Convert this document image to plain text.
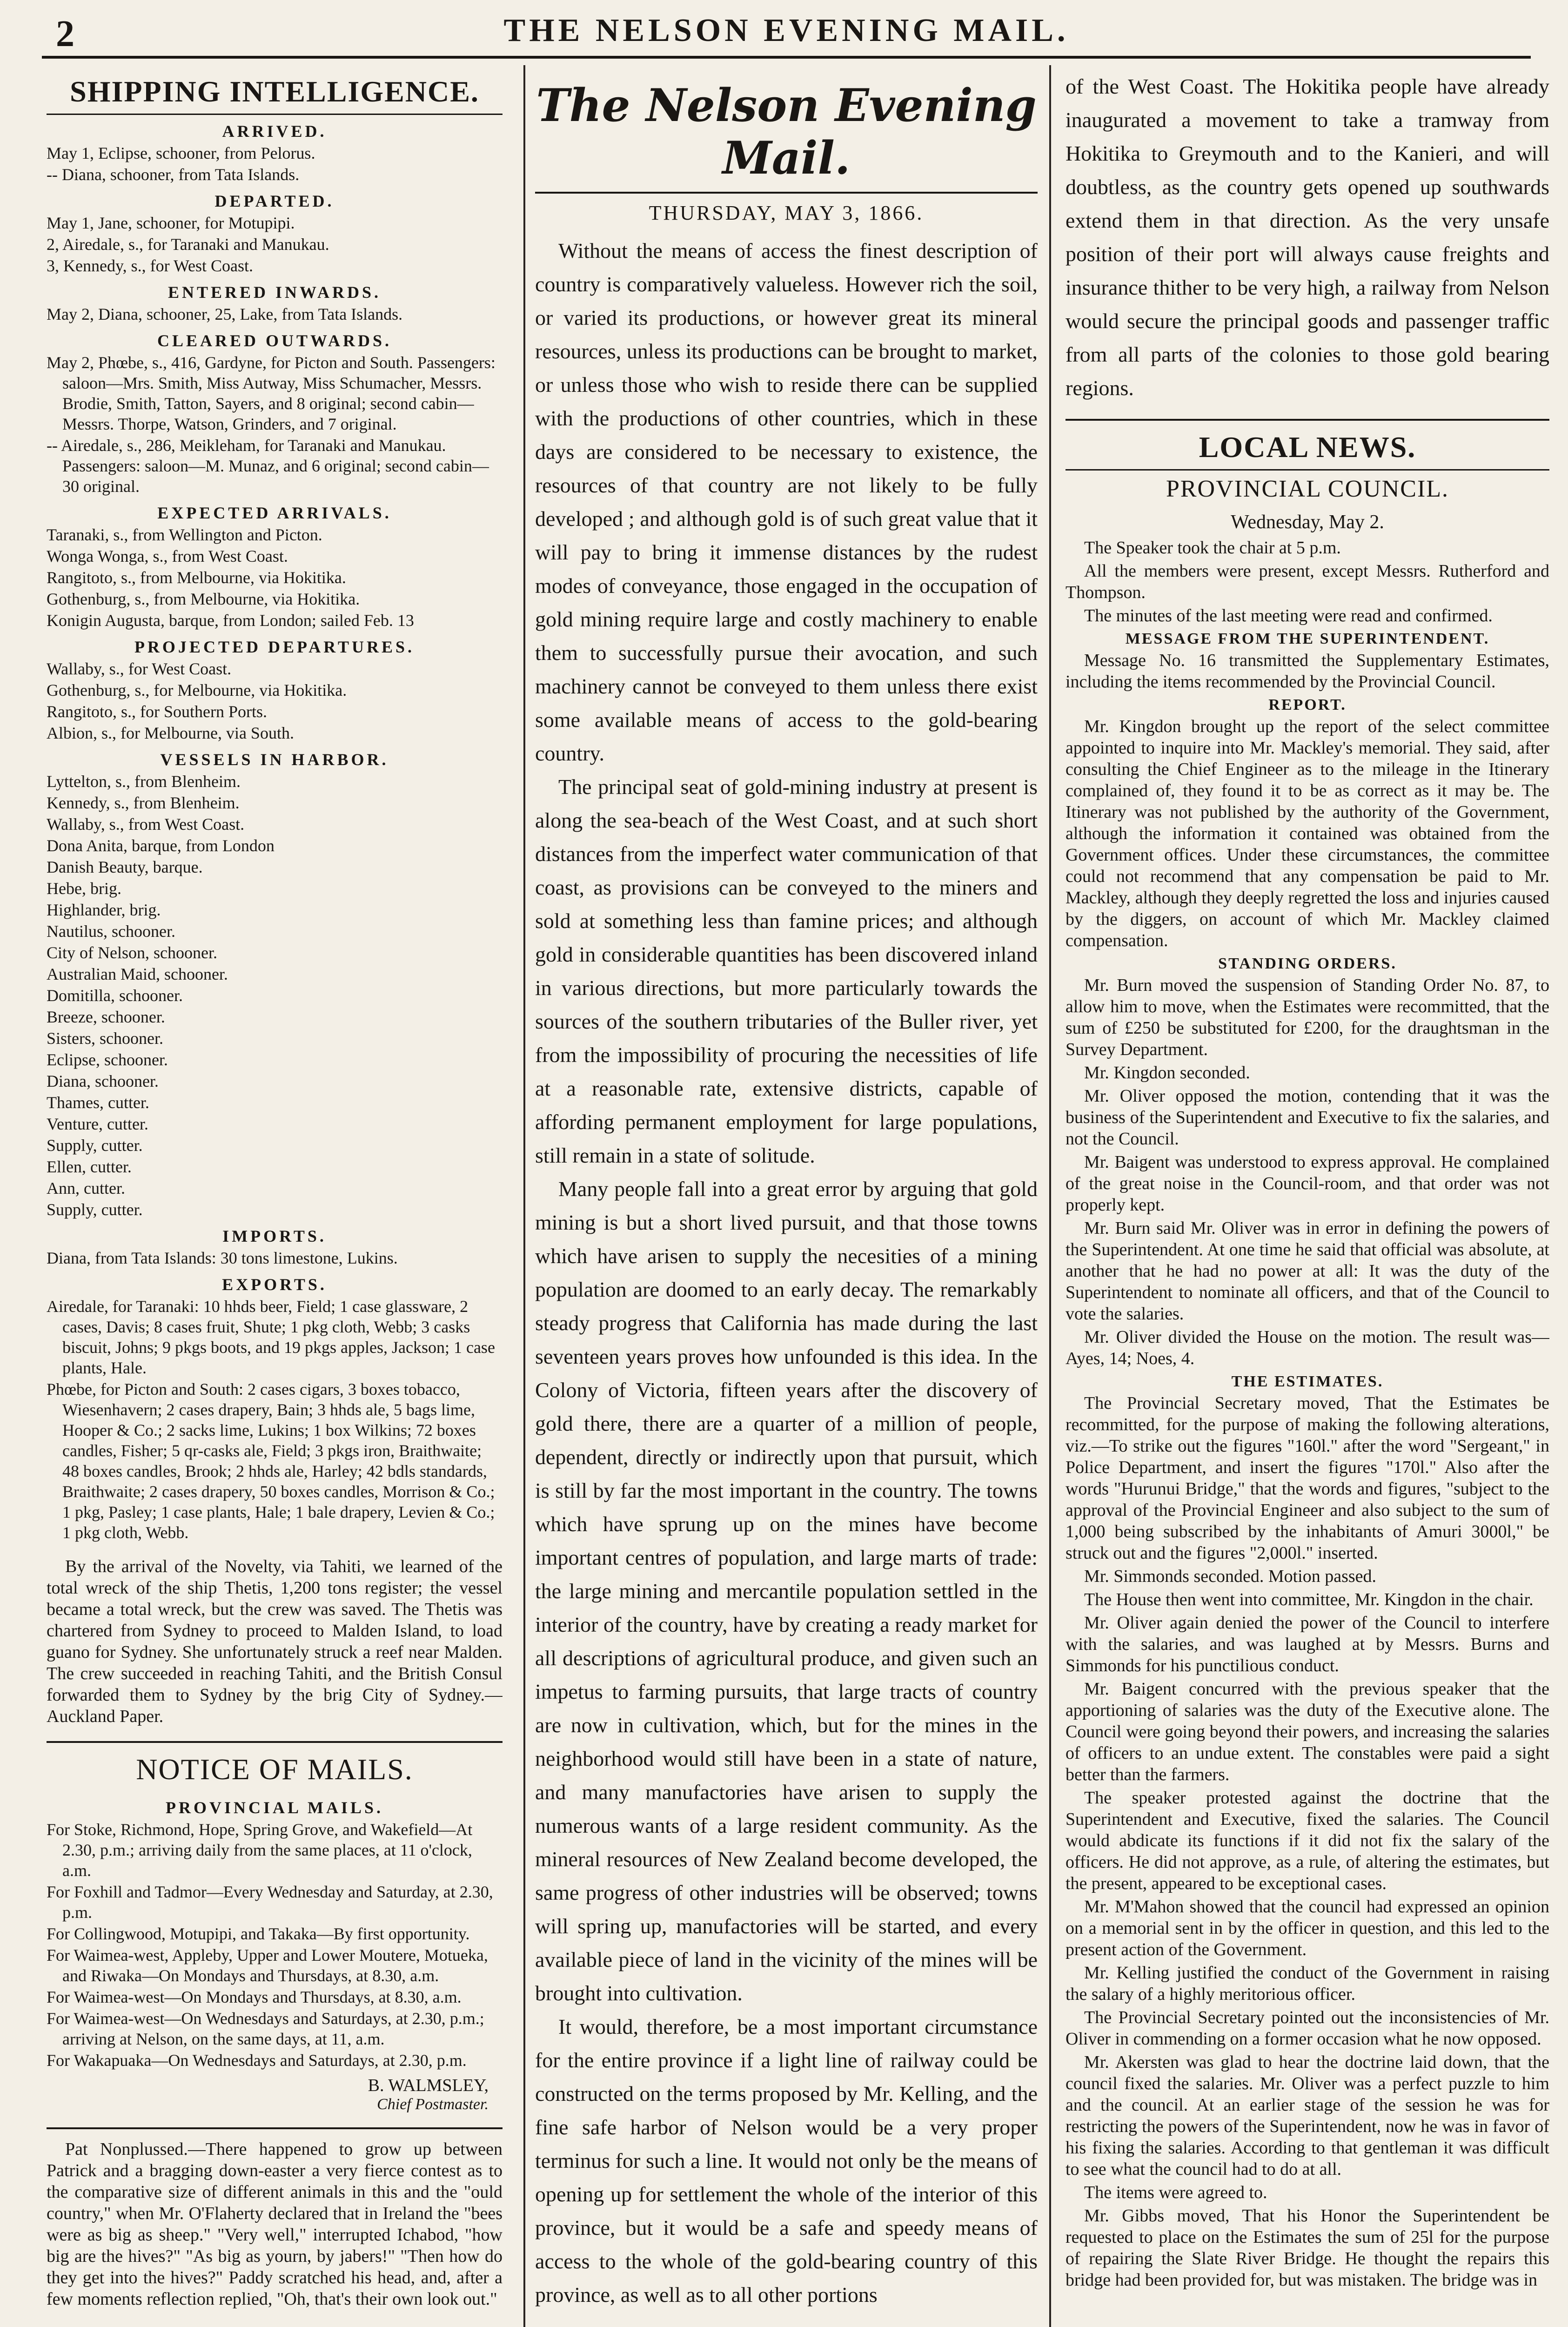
2	THE NELSON EVENING MAIL.
SHIPPING INTELLIGENCE.
ARRIVED.

May 1, Eclipse, schooner, from Pelorus.

-- Diana, schooner, from Tata Islands.

DEPARTED.

May 1, Jane, schooner, for Motupipi.

2, Airedale, s., for Taranaki and Manukau.

3, Kennedy, s., for West Coast.

ENTERED INWARDS.

May 2, Diana, schooner, 25, Lake, from Tata Islands.

CLEARED OUTWARDS.

May 2, Phœbe, s., 416, Gardyne, for Picton and South. Passengers: saloon—Mrs. Smith, Miss Autway, Miss Schumacher, Messrs. Brodie, Smith, Tatton, Sayers, and 8 original; second cabin—Messrs. Thorpe, Watson, Grinders, and 7 original.

-- Airedale, s., 286, Meikleham, for Taranaki and Manukau. Passengers: saloon—M. Munaz, and 6 original; second cabin—30 original.

EXPECTED ARRIVALS.

Taranaki, s., from Wellington and Picton.

Wonga Wonga, s., from West Coast.

Rangitoto, s., from Melbourne, via Hokitika.

Gothenburg, s., from Melbourne, via Hokitika.

Konigin Augusta, barque, from London; sailed Feb. 13

PROJECTED DEPARTURES.

Wallaby, s., for West Coast.

Gothenburg, s., for Melbourne, via Hokitika.

Rangitoto, s., for Southern Ports.

Albion, s., for Melbourne, via South.

VESSELS IN HARBOR.

Lyttelton, s., from Blenheim.

Kennedy, s., from Blenheim.

Wallaby, s., from West Coast.

Dona Anita, barque, from London

Danish Beauty, barque.

Hebe, brig.

Highlander, brig.

Nautilus, schooner.

City of Nelson, schooner.

Australian Maid, schooner.

Domitilla, schooner.

Breeze, schooner.

Sisters, schooner.

Eclipse, schooner.

Diana, schooner.

Thames, cutter.

Venture, cutter.

Supply, cutter.

Ellen, cutter.

Ann, cutter.

Supply, cutter.

IMPORTS.

Diana, from Tata Islands: 30 tons limestone, Lukins.

EXPORTS.

Airedale, for Taranaki: 10 hhds beer, Field; 1 case glassware, 2 cases, Davis; 8 cases fruit, Shute; 1 pkg cloth, Webb; 3 casks biscuit, Johns; 9 pkgs boots, and 19 pkgs apples, Jackson; 1 case plants, Hale.

Phœbe, for Picton and South: 2 cases cigars, 3 boxes tobacco, Wiesenhavern; 2 cases drapery, Bain; 3 hhds ale, 5 bags lime, Hooper & Co.; 2 sacks lime, Lukins; 1 box Wilkins; 72 boxes candles, Fisher; 5 qr-casks ale, Field; 3 pkgs iron, Braithwaite; 48 boxes candles, Brook; 2 hhds ale, Harley; 42 bdls standards, Braithwaite; 2 cases drapery, 50 boxes candles, Morrison & Co.; 1 pkg, Pasley; 1 case plants, Hale; 1 bale drapery, Levien & Co.; 1 pkg cloth, Webb.

By the arrival of the Novelty, via Tahiti, we learned of the total wreck of the ship Thetis, 1,200 tons register; the vessel became a total wreck, but the crew was saved. The Thetis was chartered from Sydney to proceed to Malden Island, to load guano for Sydney. She unfortunately struck a reef near Malden. The crew succeeded in reaching Tahiti, and the British Consul forwarded them to Sydney by the brig City of Sydney.—Auckland Paper.

NOTICE OF MAILS.
PROVINCIAL MAILS.

For Stoke, Richmond, Hope, Spring Grove, and Wakefield—At 2.30, p.m.; arriving daily from the same places, at 11 o'clock, a.m.

For Foxhill and Tadmor—Every Wednesday and Saturday, at 2.30, p.m.

For Collingwood, Motupipi, and Takaka—By first opportunity.

For Waimea-west, Appleby, Upper and Lower Moutere, Motueka, and Riwaka—On Mondays and Thursdays, at 8.30, a.m.

For Waimea-west—On Mondays and Thursdays, at 8.30, a.m.

For Waimea-west—On Wednesdays and Saturdays, at 2.30, p.m.; arriving at Nelson, on the same days, at 11, a.m.

For Wakapuaka—On Wednesdays and Saturdays, at 2.30, p.m.

B. WALMSLEY,
Chief Postmaster.

Pat Nonplussed.—There happened to grow up between Patrick and a bragging down-easter a very fierce contest as to the comparative size of different animals in this and the "ould country," when Mr. O'Flaherty declared that in Ireland the "bees were as big as sheep." "Very well," interrupted Ichabod, "how big are the hives?" "As big as yourn, by jabers!" "Then how do they get into the hives?" Paddy scratched his head, and, after a few moments reflection replied, "Oh, that's their own look out."

The Nelson Evening Mail.
THURSDAY, MAY 3, 1866.

Without the means of access the finest description of country is comparatively valueless. However rich the soil, or varied its productions, or however great its mineral resources, unless its productions can be brought to market, or unless those who wish to reside there can be supplied with the productions of other countries, which in these days are considered to be necessary to existence, the resources of that country are not likely to be fully developed ; and although gold is of such great value that it will pay to bring it immense distances by the rudest modes of conveyance, those engaged in the occupation of gold mining require large and costly machinery to enable them to successfully pursue their avocation, and such machinery cannot be conveyed to them unless there exist some available means of access to the gold-bearing country.

The principal seat of gold-mining industry at present is along the sea-beach of the West Coast, and at such short distances from the imperfect water communication of that coast, as provisions can be conveyed to the miners and sold at something less than famine prices; and although gold in considerable quantities has been discovered inland in various directions, but more particularly towards the sources of the southern tributaries of the Buller river, yet from the impossibility of procuring the necessities of life at a reasonable rate, extensive districts, capable of affording permanent employment for large populations, still remain in a state of solitude.

Many people fall into a great error by arguing that gold mining is but a short lived pursuit, and that those towns which have arisen to supply the necesities of a mining population are doomed to an early decay. The remarkably steady progress that California has made during the last seventeen years proves how unfounded is this idea. In the Colony of Victoria, fifteen years after the discovery of gold there, there are a quarter of a million of people, dependent, directly or indirectly upon that pursuit, which is still by far the most important in the country. The towns which have sprung up on the mines have become important centres of population, and large marts of trade: the large mining and mercantile population settled in the interior of the country, have by creating a ready market for all descriptions of agricultural produce, and given such an impetus to farming pursuits, that large tracts of country are now in cultivation, which, but for the mines in the neighborhood would still have been in a state of nature, and many manufactories have arisen to supply the numerous wants of a large resident community. As the mineral resources of New Zealand become developed, the same progress of other industries will be observed; towns will spring up, manufactories will be started, and every available piece of land in the vicinity of the mines will be brought into cultivation.

It would, therefore, be a most important circumstance for the entire province if a light line of railway could be constructed on the terms proposed by Mr. Kelling, and the fine safe harbor of Nelson would be a very proper terminus for such a line. It would not only be the means of opening up for settlement the whole of the interior of this province, but it would be a safe and speedy means of access to the whole of the gold-bearing country of this province, as well as to all other portions

of the West Coast. The Hokitika people have already inaugurated a movement to take a tramway from Hokitika to Greymouth and to the Kanieri, and will doubtless, as the country gets opened up southwards extend them in that direction. As the very unsafe position of their port will always cause freights and insurance thither to be very high, a railway from Nelson would secure the principal goods and passenger traffic from all parts of the colonies to those gold bearing regions.

LOCAL NEWS.
PROVINCIAL COUNCIL.
Wednesday, May 2.

The Speaker took the chair at 5 p.m.

All the members were present, except Messrs. Rutherford and Thompson.

The minutes of the last meeting were read and confirmed.

MESSAGE FROM THE SUPERINTENDENT.

Message No. 16 transmitted the Supplementary Estimates, including the items recommended by the Provincial Council.

REPORT.

Mr. Kingdon brought up the report of the select committee appointed to inquire into Mr. Mackley's memorial. They said, after consulting the Chief Engineer as to the mileage in the Itinerary complained of, they found it to be as correct as it may be. The Itinerary was not published by the authority of the Government, although the information it contained was obtained from the Government offices. Under these circumstances, the committee could not recommend that any compensation be paid to Mr. Mackley, although they deeply regretted the loss and injuries caused by the diggers, on account of which Mr. Mackley claimed compensation.

STANDING ORDERS.

Mr. Burn moved the suspension of Standing Order No. 87, to allow him to move, when the Estimates were recommitted, that the sum of £250 be substituted for £200, for the draughtsman in the Survey Department.

Mr. Kingdon seconded.

Mr. Oliver opposed the motion, contending that it was the business of the Superintendent and Executive to fix the salaries, and not the Council.

Mr. Baigent was understood to express approval. He complained of the great noise in the Council-room, and that order was not properly kept.

Mr. Burn said Mr. Oliver was in error in defining the powers of the Superintendent. At one time he said that official was absolute, at another that he had no power at all: It was the duty of the Superintendent to nominate all officers, and that of the Council to vote the salaries.

Mr. Oliver divided the House on the motion. The result was—Ayes, 14; Noes, 4.

THE ESTIMATES.

The Provincial Secretary moved, That the Estimates be recommitted, for the purpose of making the following alterations, viz.—To strike out the figures "160l." after the word "Sergeant," in Police Department, and insert the figures "170l." Also after the words "Hurunui Bridge," that the words and figures, "subject to the approval of the Provincial Engineer and also subject to the sum of 1,000 being subscribed by the inhabitants of Amuri 3000l," be struck out and the figures "2,000l." inserted.

Mr. Simmonds seconded. Motion passed.

The House then went into committee, Mr. Kingdon in the chair.

Mr. Oliver again denied the power of the Council to interfere with the salaries, and was laughed at by Messrs. Burns and Simmonds for his punctilious conduct.

Mr. Baigent concurred with the previous speaker that the apportioning of salaries was the duty of the Executive alone. The Council were going beyond their powers, and increasing the salaries of officers to an undue extent. The constables were paid a sight better than the farmers.

The speaker protested against the doctrine that the Superintendent and Executive, fixed the salaries. The Council would abdicate its functions if it did not fix the salary of the officers. He did not approve, as a rule, of altering the estimates, but the present, appeared to be exceptional cases.

Mr. M'Mahon showed that the council had expressed an opinion on a memorial sent in by the officer in question, and this led to the present action of the Government.

Mr. Kelling justified the conduct of the Government in raising the salary of a highly meritorious officer.

The Provincial Secretary pointed out the inconsistencies of Mr. Oliver in commending on a former occasion what he now opposed.

Mr. Akersten was glad to hear the doctrine laid down, that the council fixed the salaries. Mr. Oliver was a perfect puzzle to him and the council. At an earlier stage of the session he was for restricting the powers of the Superintendent, now he was in favor of his fixing the salaries. According to that gentleman it was difficult to see what the council had to do at all.

The items were agreed to.

Mr. Gibbs moved, That his Honor the Superintendent be requested to place on the Estimates the sum of 25l for the purpose of repairing the Slate River Bridge. He thought the repairs this bridge had been provided for, but was mistaken. The bridge was in
